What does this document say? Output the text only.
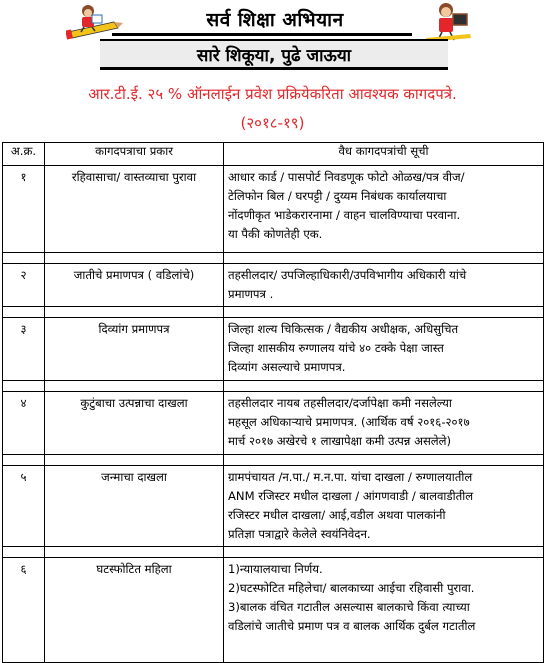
सर्व शिक्षा अभियान
सारे शिकूया, पुढे जाऊया
आर.टी.ई. २५ % ऑनलाईन प्रवेश प्रक्रियेकरिता आवश्यक कागदपत्रे.
(२०१८-१९)
अ.क्र.	कागदपत्राचा प्रकार	वैध कागदपत्रांची सूची
१	रहिवासाचा/ वास्तव्याचा पुरावा	आधार कार्ड / पासपोर्ट निवडणूक फोटो ओळख/पत्र वीज/
टेलिफोन बिल / घरपट्टी / दुय्यम निबंधक कार्यालयाचा
नोंदणीकृत भाडेकरारनामा / वाहन चालविण्याचा परवाना.
या पैकी कोणतेही एक.

२	जातीचे प्रमाणपत्र ( वडिलांचे)	तहसीलदार/ उपजिल्हाधिकारी/उपविभागीय अधिकारी यांचे
प्रमाणपत्र .

३	दिव्यांग प्रमाणपत्र	जिल्हा शल्य चिकित्सक / वैद्यकीय अधीक्षक, अधिसुचित
जिल्हा शासकीय रुग्णालय यांचे ४० टक्के पेक्षा जास्त
दिव्यांग असल्याचे प्रमाणपत्र.

४	कुटुंबाचा उत्पन्नाचा दाखला	तहसीलदार नायब तहसीलदार/दर्जापेक्षा कमी नसलेल्या
महसूल अधिकाऱ्याचे प्रमाणपत्र. (आर्थिक वर्ष २०१६-२०१७
मार्च २०१७ अखेरचे १ लाखापेक्षा कमी उत्पन्न असलेले)

५	जन्माचा दाखला	ग्रामपंचायत /न.पा./ म.न.पा. यांचा दाखला / रुग्णालयातील
ANM रजिस्टर मधील दाखला / आंगणवाडी / बालवाडीतील
रजिस्टर मधील दाखला/ आई,वडील अथवा पालकांनी
प्रतिज्ञा पत्राद्वारे केलेले स्वयंनिवेदन.

६	घटस्फोटित महिला	1)न्यायालयाचा निर्णय.
2)घटस्फोटित महिलेचा/ बालकाच्या आईचा रहिवासी पुरावा.
3)बालक वंचित गटातील असल्यास बालकाचे किंवा त्याच्या
वडिलांचे जातीचे प्रमाण पत्र व बालक आर्थिक दुर्बल गटातील
